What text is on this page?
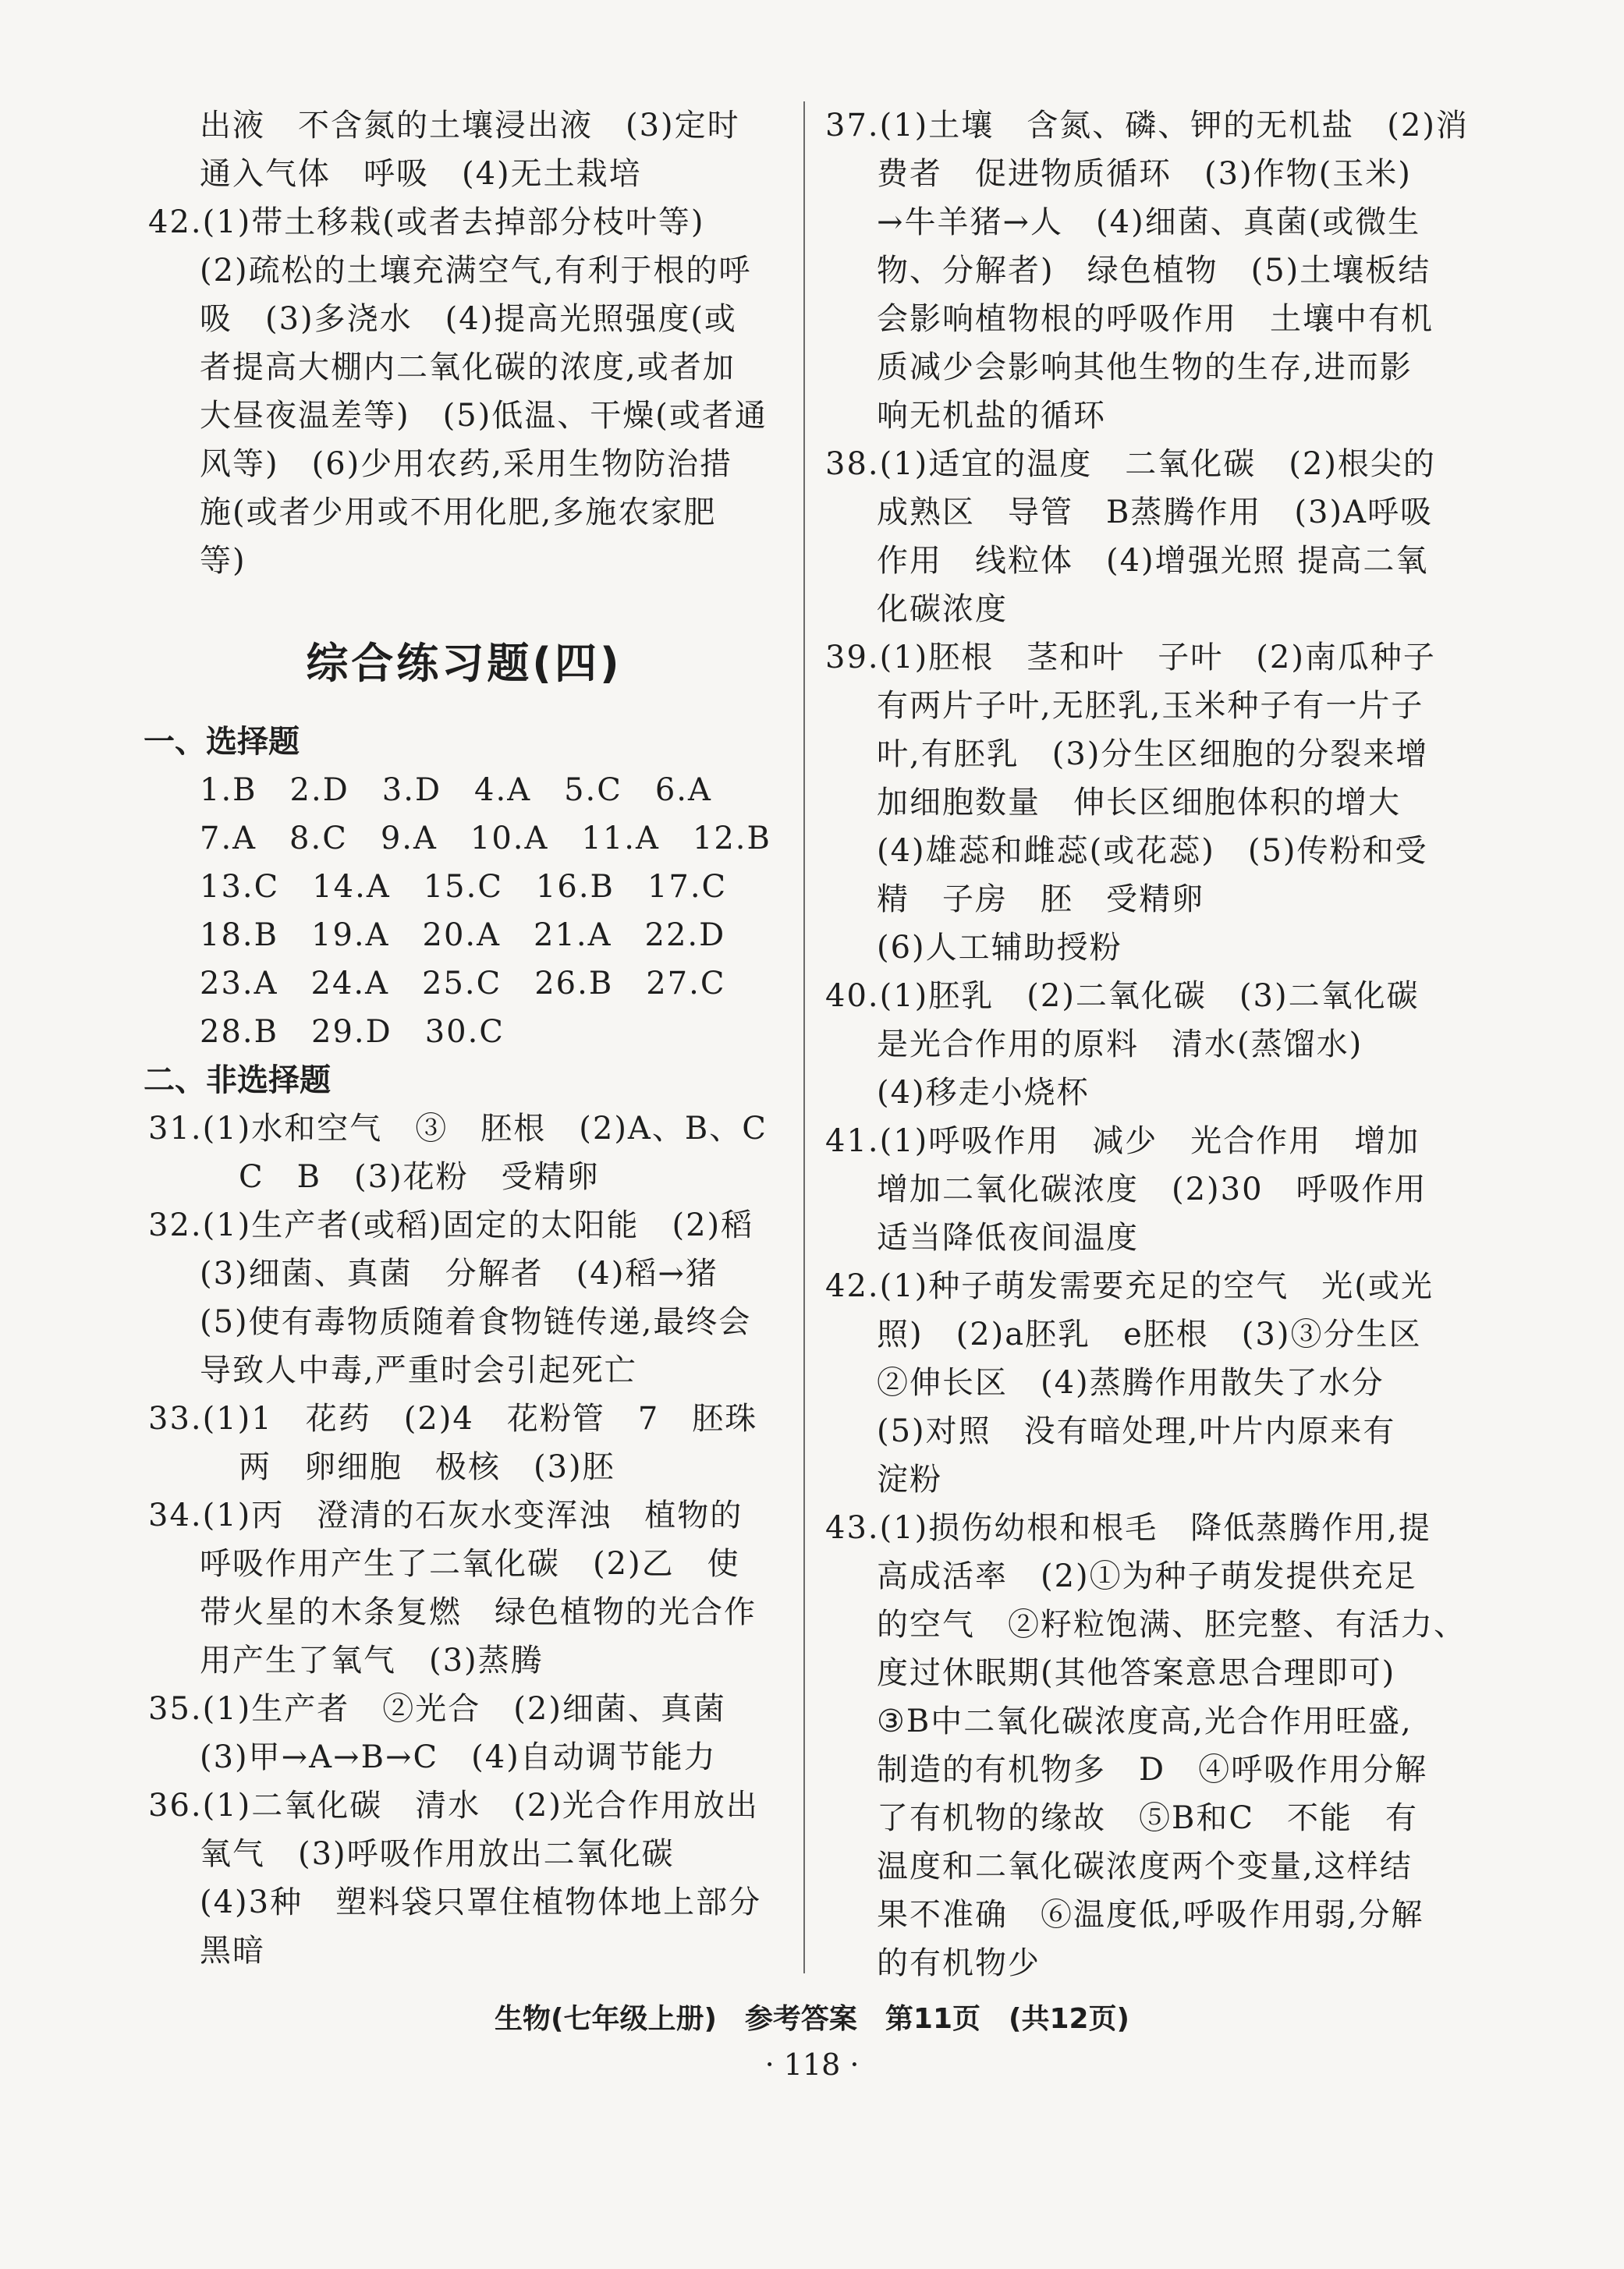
出液　不含氮的土壤浸出液　(3)定时
通入气体　呼吸　(4)无土栽培
42.(1)带土移栽(或者去掉部分枝叶等)
(2)疏松的土壤充满空气,有利于根的呼
吸　(3)多浇水　(4)提高光照强度(或
者提高大棚内二氧化碳的浓度,或者加
大昼夜温差等)　(5)低温、干燥(或者通
风等)　(6)少用农药,采用生物防治措
施(或者少用或不用化肥,多施农家肥
等)
综合练习题(四)
一、选择题
1.B　2.D　3.D　4.A　5.C　6.A
7.A　8.C　9.A　10.A　11.A　12.B
13.C　14.A　15.C　16.B　17.C
18.B　19.A　20.A　21.A　22.D
23.A　24.A　25.C　26.B　27.C
28.B　29.D　30.C
二、非选择题
31.(1)水和空气　③　胚根　(2)A、B、C
C　B　(3)花粉　受精卵
32.(1)生产者(或稻)固定的太阳能　(2)稻
(3)细菌、真菌　分解者　(4)稻→猪
(5)使有毒物质随着食物链传递,最终会
导致人中毒,严重时会引起死亡
33.(1)1　花药　(2)4　花粉管　7　胚珠
两　卵细胞　极核　(3)胚
34.(1)丙　澄清的石灰水变浑浊　植物的
呼吸作用产生了二氧化碳　(2)乙　使
带火星的木条复燃　绿色植物的光合作
用产生了氧气　(3)蒸腾
35.(1)生产者　②光合　(2)细菌、真菌
(3)甲→A→B→C　(4)自动调节能力
36.(1)二氧化碳　清水　(2)光合作用放出
氧气　(3)呼吸作用放出二氧化碳
(4)3种　塑料袋只罩住植物体地上部分
黑暗
37.(1)土壤　含氮、磷、钾的无机盐　(2)消
费者　促进物质循环　(3)作物(玉米)
→牛羊猪→人　(4)细菌、真菌(或微生
物、分解者)　绿色植物　(5)土壤板结
会影响植物根的呼吸作用　土壤中有机
质减少会影响其他生物的生存,进而影
响无机盐的循环
38.(1)适宜的温度　二氧化碳　(2)根尖的
成熟区　导管　B蒸腾作用　(3)A呼吸
作用　线粒体　(4)增强光照 提高二氧
化碳浓度
39.(1)胚根　茎和叶　子叶　(2)南瓜种子
有两片子叶,无胚乳,玉米种子有一片子
叶,有胚乳　(3)分生区细胞的分裂来增
加细胞数量　伸长区细胞体积的增大
(4)雄蕊和雌蕊(或花蕊)　(5)传粉和受
精　子房　胚　受精卵
(6)人工辅助授粉
40.(1)胚乳　(2)二氧化碳　(3)二氧化碳
是光合作用的原料　清水(蒸馏水)
(4)移走小烧杯
41.(1)呼吸作用　减少　光合作用　增加
增加二氧化碳浓度　(2)30　呼吸作用
适当降低夜间温度
42.(1)种子萌发需要充足的空气　光(或光
照)　(2)a胚乳　e胚根　(3)③分生区
②伸长区　(4)蒸腾作用散失了水分
(5)对照　没有暗处理,叶片内原来有
淀粉
43.(1)损伤幼根和根毛　降低蒸腾作用,提
高成活率　(2)①为种子萌发提供充足
的空气　②籽粒饱满、胚完整、有活力、
度过休眠期(其他答案意思合理即可)
③B中二氧化碳浓度高,光合作用旺盛,
制造的有机物多　D　④呼吸作用分解
了有机物的缘故　⑤B和C　不能　有
温度和二氧化碳浓度两个变量,这样结
果不准确　⑥温度低,呼吸作用弱,分解
的有机物少
生物(七年级上册)　参考答案　第11页　(共12页)
· 118 ·
